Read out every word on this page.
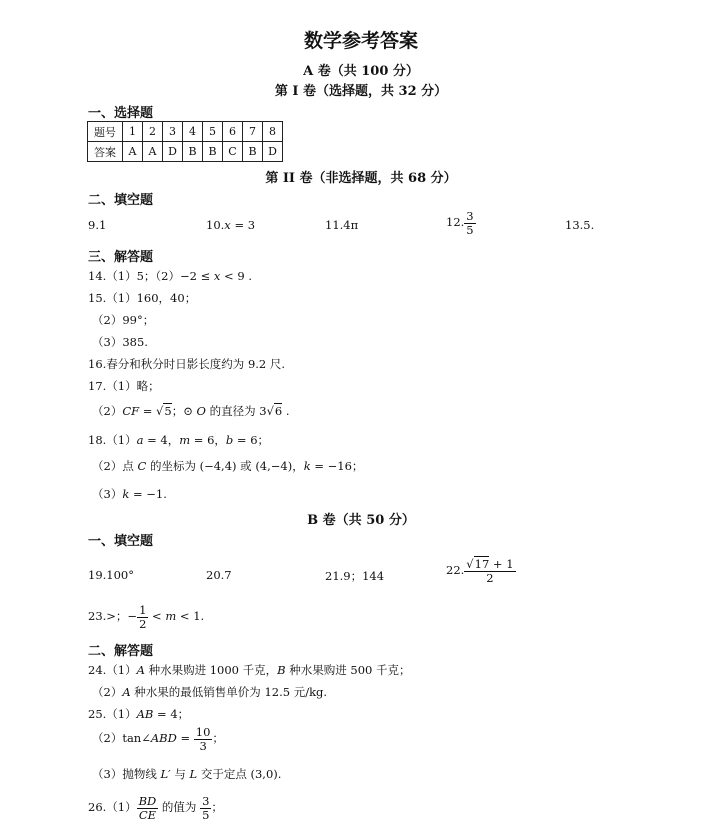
数学参考答案
A 卷（共 100 分）
第 I 卷（选择题，共 32 分）
一、选择题
题号	1	2	3	4	5	6	7	8
答案	A	A	D	B	B	C	B	D
第 II 卷（非选择题，共 68 分）
二、填空题
9.1	10.x = 3	11.4π	12. $\frac{3}{5}$	13.5.
三、解答题
14.（1）5；（2）−2 ≤ x < 9 .
15.（1）160，40；
（2）99°；
（3）385.
16.春分和秋分时日影长度约为 9.2 尺.
17.（1）略；
（2）CF = √5；⊙ O 的直径为 3√6 .
18.（1）a = 4，m = 6，b = 6；
（2）点 C 的坐标为 (−4,4) 或 (4,−4)，k = −16；
（3）k = −1.
B 卷（共 50 分）
一、填空题
19.100°	20.7	21.9；144	22. $\frac{√17 + 1}{2}$
23.>；− $\frac{1}{2} < m < 1$.
二、解答题
24.（1）A 种水果购进 1000 千克，B 种水果购进 500 千克；
（2）A 种水果的最低销售单价为 12.5 元/kg.
25.（1）AB = 4；
（2）tan∠ABD = $\frac{10}{3}$ ；
（3）抛物线 L′ 与 L 交于定点 (3,0).
$26.(1) \frac{BD}{CE}$ 的值为 $\frac{3}{5}$ ；
